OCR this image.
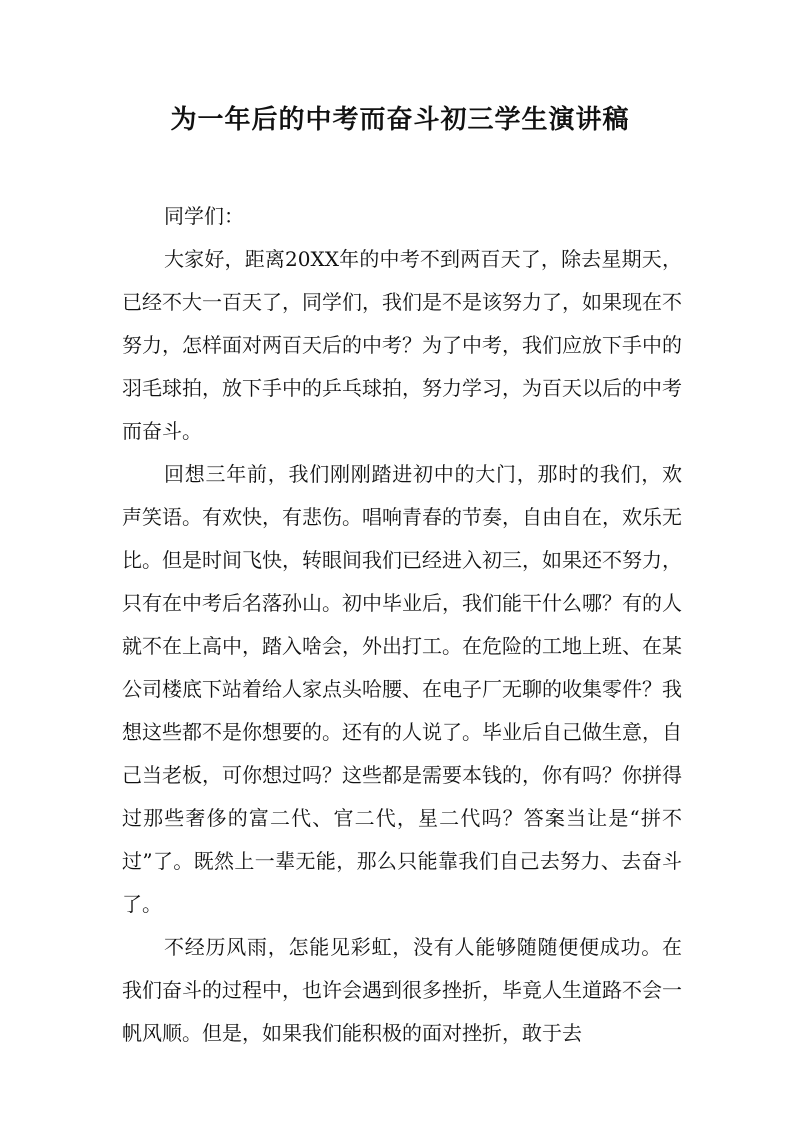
为一年后的中考而奋斗初三学生演讲稿

同学们：

大家好，距离20XX年的中考不到两百天了，除去星期天，已经不大一百天了，同学们，我们是不是该努力了，如果现在不努力，怎样面对两百天后的中考？为了中考，我们应放下手中的羽毛球拍，放下手中的乒乓球拍，努力学习，为百天以后的中考而奋斗。

回想三年前，我们刚刚踏进初中的大门，那时的我们，欢声笑语。有欢快，有悲伤。唱响青春的节奏，自由自在，欢乐无比。但是时间飞快，转眼间我们已经进入初三，如果还不努力，只有在中考后名落孙山。初中毕业后，我们能干什么哪？有的人就不在上高中，踏入啥会，外出打工。在危险的工地上班、在某公司楼底下站着给人家点头哈腰、在电子厂无聊的收集零件？我想这些都不是你想要的。还有的人说了。毕业后自己做生意，自己当老板，可你想过吗？这些都是需要本钱的，你有吗？你拼得过那些奢侈的富二代、官二代，星二代吗？答案当让是“拼不过”了。既然上一辈无能，那么只能靠我们自己去努力、去奋斗了。

不经历风雨，怎能见彩虹，没有人能够随随便便成功。在我们奋斗的过程中，也许会遇到很多挫折，毕竟人生道路不会一帆风顺。但是，如果我们能积极的面对挫折，敢于去
